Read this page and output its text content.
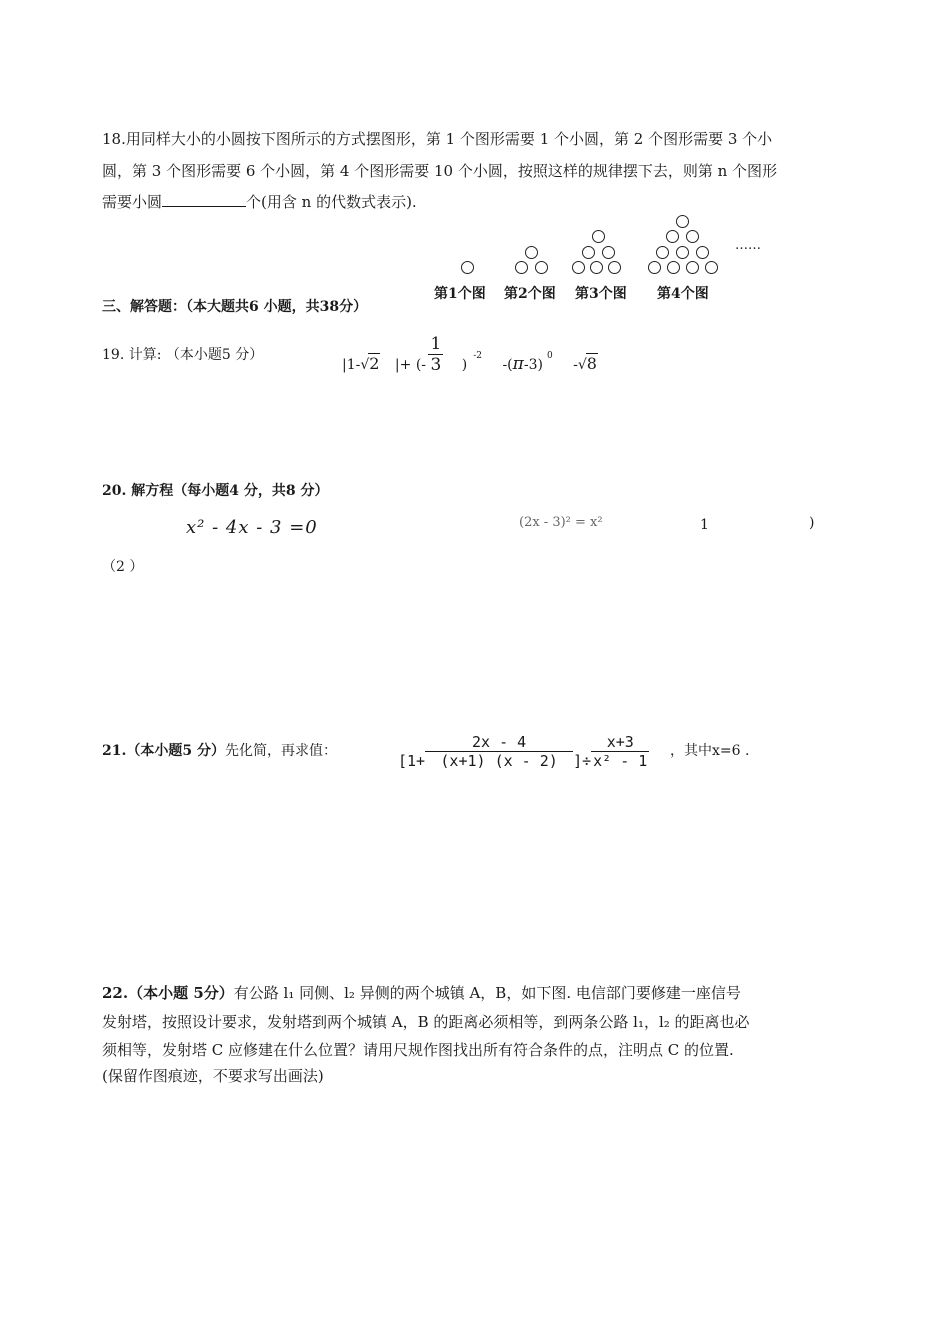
18.用同样大小的小圆按下图所示的方式摆图形，第 1 个图形需要 1 个小圆，第 2 个图形需要 3 个小
圆，第 3 个图形需要 6 个小圆，第 4 个图形需要 10 个小圆，按照这样的规律摆下去，则第 n 个图形
需要小圆	个(用含 n 的代数式表示).
……
第1个图 第2个图 第3个图 第4个图
三、解答题：（本大题共6 小题，共38分）
19. 计算: （本小题5 分）
|1-√2 |+ (- $\frac{1}{3} )^{-2}$ $-(\pi-3)^0$ -√8
20. 解方程（每小题4 分，共8 分）
x² - 4x - 3 =0	(2x - 3)² = x²	1	)
（2 ）
21.（本小题5 分）先化简，再求值：
[$1+ \frac{2x - 4}{(x+1) (x - 2)}$ ]÷ $\frac{x+3}{\text{x² - 1}}$ ，其中x=6 .
22.（本小题 5分）有公路 l₁ 同侧、l₂ 异侧的两个城镇 A，B，如下图. 电信部门要修建一座信号
发射塔，按照设计要求，发射塔到两个城镇 A，B 的距离必须相等，到两条公路 l₁，l₂ 的距离也必
须相等，发射塔 C 应修建在什么位置？请用尺规作图找出所有符合条件的点，注明点 C 的位置.
(保留作图痕迹，不要求写出画法)
